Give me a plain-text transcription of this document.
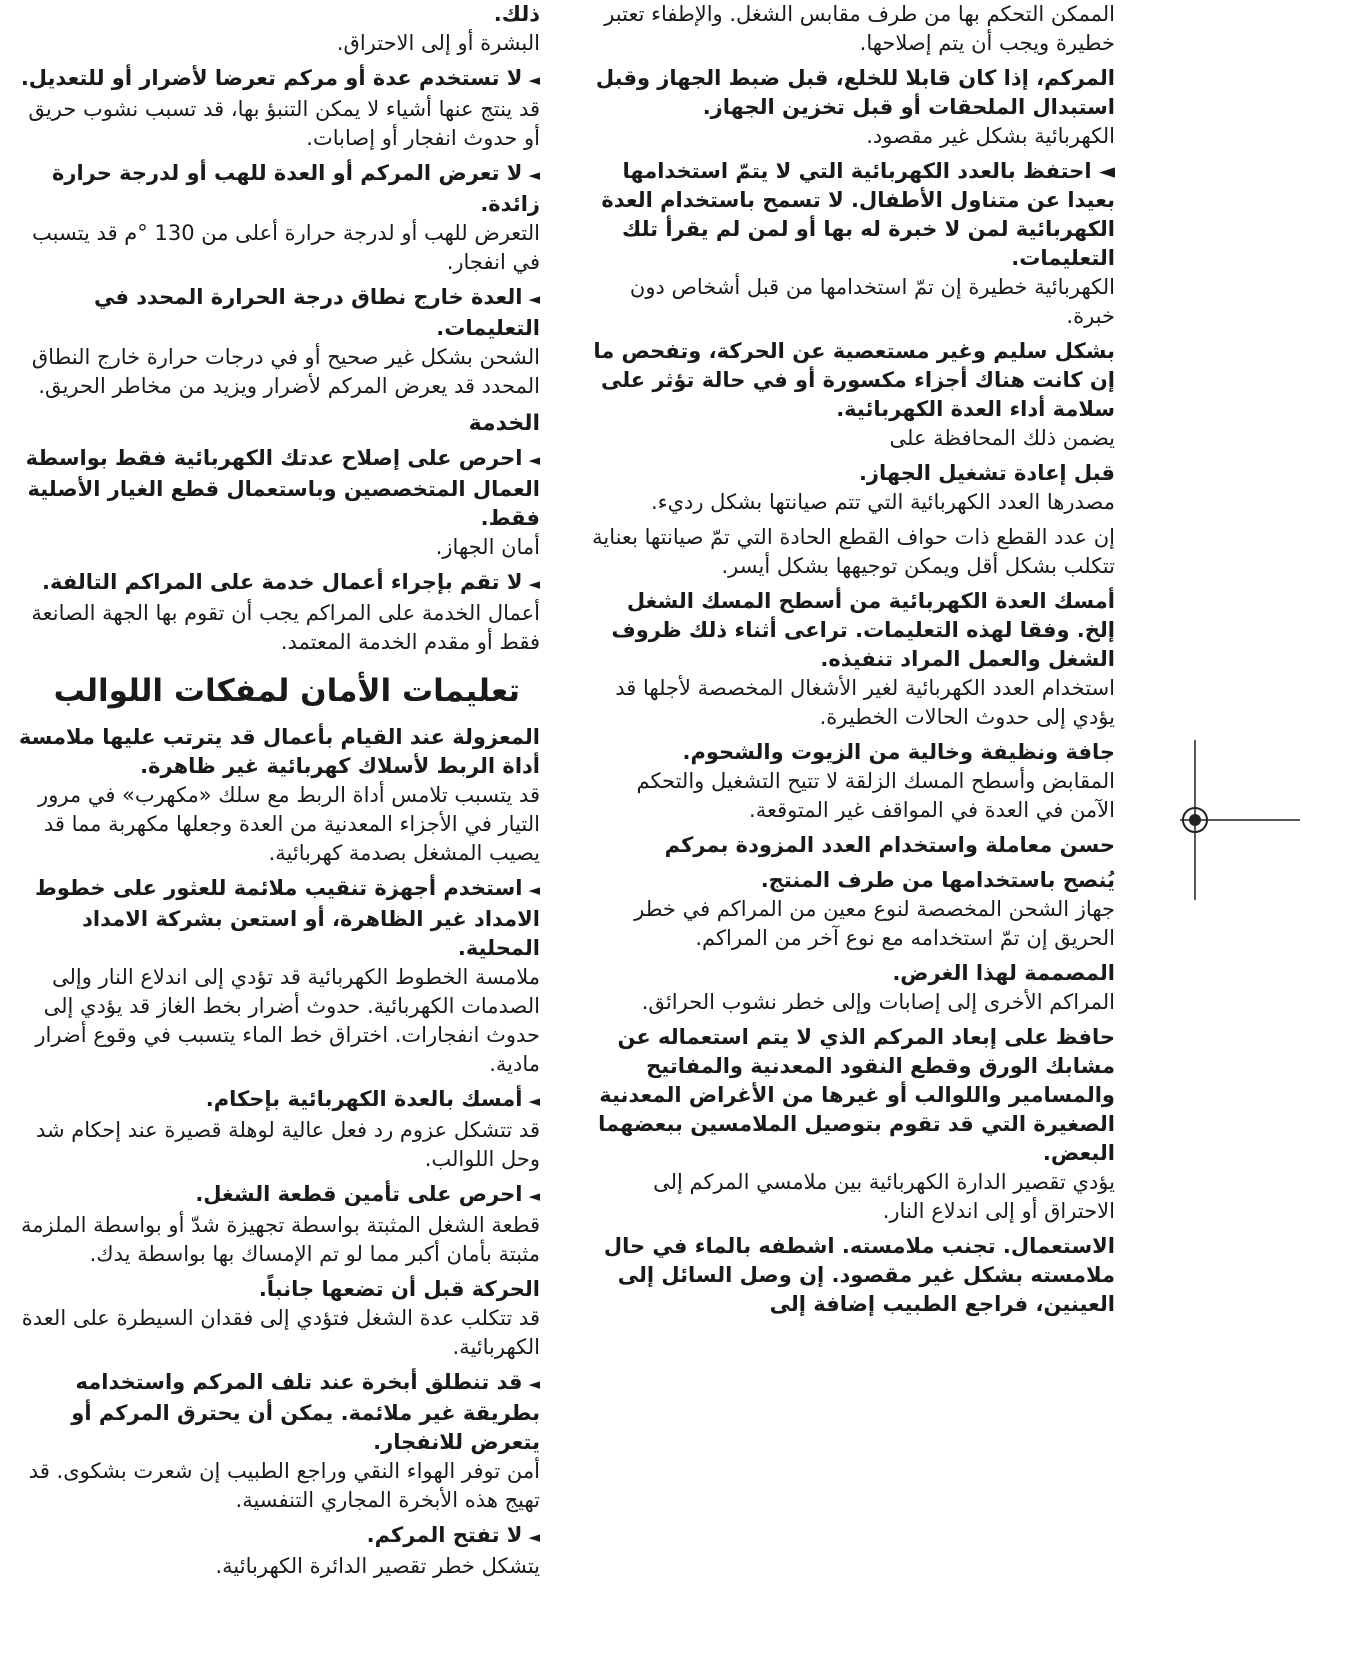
ذلك.
البشرة أو إلى الاحتراق.
◄لا تستخدم عدة أو مركم تعرضا لأضرار أو للتعديل.
قد ينتج عنها أشياء لا يمكن التنبؤ بها، قد تسبب نشوب حريق أو حدوث انفجار أو إصابات.
◄لا تعرض المركم أو العدة للهب أو لدرجة حرارة زائدة.
التعرض للهب أو لدرجة حرارة أعلى من 130 °م قد يتسبب في انفجار.
◄العدة خارج نطاق درجة الحرارة المحدد في التعليمات.
الشحن بشكل غير صحيح أو في درجات حرارة خارج النطاق المحدد قد يعرض المركم لأضرار ويزيد من مخاطر الحريق.
الخدمة
◄احرص على إصلاح عدتك الكهربائية فقط بواسطة العمال المتخصصين وباستعمال قطع الغيار الأصلية فقط.
أمان الجهاز.
◄لا تقم بإجراء أعمال خدمة على المراكم التالفة.
أعمال الخدمة على المراكم يجب أن تقوم بها الجهة الصانعة فقط أو مقدم الخدمة المعتمد.
تعليمات الأمان لمفكات اللوالب
المعزولة عند القيام بأعمال قد يترتب عليها ملامسة أداة الربط لأسلاك كهربائية غير ظاهرة.
قد يتسبب تلامس أداة الربط مع سلك «مكهرب» في مرور التيار في الأجزاء المعدنية من العدة وجعلها مكهربة مما قد يصيب المشغل بصدمة كهربائية.
◄استخدم أجهزة تنقيب ملائمة للعثور على خطوط الامداد غير الظاهرة، أو استعن بشركة الامداد المحلية.
ملامسة الخطوط الكهربائية قد تؤدي إلى اندلاع النار وإلى الصدمات الكهربائية. حدوث أضرار بخط الغاز قد يؤدي إلى حدوث انفجارات. اختراق خط الماء يتسبب في وقوع أضرار مادية.
◄أمسك بالعدة الكهربائية بإحكام.
قد تتشكل عزوم رد فعل عالية لوهلة قصيرة عند إحكام شد وحل اللوالب.
◄احرص على تأمين قطعة الشغل.
قطعة الشغل المثبتة بواسطة تجهيزة شدّ أو بواسطة الملزمة مثبتة بأمان أكبر مما لو تم الإمساك بها بواسطة يدك.
الحركة قبل أن تضعها جانباً.
قد تتكلب عدة الشغل فتؤدي إلى فقدان السيطرة على العدة الكهربائية.
◄قد تنطلق أبخرة عند تلف المركم واستخدامه بطريقة غير ملائمة. يمكن أن يحترق المركم أو يتعرض للانفجار.
أمن توفر الهواء النقي وراجع الطبيب إن شعرت بشكوى. قد تهيج هذه الأبخرة المجاري التنفسية.
◄لا تفتح المركم.
يتشكل خطر تقصير الدائرة الكهربائية.
الممكن التحكم بها من طرف مقابس الشغل. والإطفاء تعتبر خطيرة ويجب أن يتم إصلاحها.
المركم، إذا كان قابلا للخلع، قبل ضبط الجهاز وقبل استبدال الملحقات أو قبل تخزين الجهاز.
الكهربائية بشكل غير مقصود.
◄ احتفظ بالعدد الكهربائية التي لا يتمّ استخدامها بعيدا عن متناول الأطفال. لا تسمح باستخدام العدة الكهربائية لمن لا خبرة له بها أو لمن لم يقرأ تلك التعليمات.
الكهربائية خطيرة إن تمّ استخدامها من قبل أشخاص دون خبرة.
بشكل سليم وغير مستعصية عن الحركة، وتفحص ما إن كانت هناك أجزاء مكسورة أو في حالة تؤثر على سلامة أداء العدة الكهربائية.
يضمن ذلك المحافظة على
قبل إعادة تشغيل الجهاز.
مصدرها العدد الكهربائية التي تتم صيانتها بشكل رديء.
إن عدد القطع ذات حواف القطع الحادة التي تمّ صيانتها بعناية تتكلب بشكل أقل ويمكن توجيهها بشكل أيسر.
أمسك العدة الكهربائية من أسطح المسك الشغل إلخ. وفقا لهذه التعليمات. تراعى أثناء ذلك ظروف الشغل والعمل المراد تنفيذه.
استخدام العدد الكهربائية لغير الأشغال المخصصة لأجلها قد يؤدي إلى حدوث الحالات الخطيرة.
جافة ونظيفة وخالية من الزيوت والشحوم.
المقابض وأسطح المسك الزلقة لا تتيح التشغيل والتحكم الآمن في العدة في المواقف غير المتوقعة.
حسن معاملة واستخدام العدد المزودة بمركم
يُنصح باستخدامها من طرف المنتج.
جهاز الشحن المخصصة لنوع معين من المراكم في خطر الحريق إن تمّ استخدامه مع نوع آخر من المراكم.
المصممة لهذا الغرض.
المراكم الأخرى إلى إصابات وإلى خطر نشوب الحرائق.
حافظ على إبعاد المركم الذي لا يتم استعماله عن مشابك الورق وقطع النقود المعدنية والمفاتيح والمسامير واللوالب أو غيرها من الأغراض المعدنية الصغيرة التي قد تقوم بتوصيل الملامسين ببعضهما البعض.
يؤدي تقصير الدارة الكهربائية بين ملامسي المركم إلى الاحتراق أو إلى اندلاع النار.
الاستعمال. تجنب ملامسته. اشطفه بالماء في حال ملامسته بشكل غير مقصود. إن وصل السائل إلى العينين، فراجع الطبيب إضافة إلى
